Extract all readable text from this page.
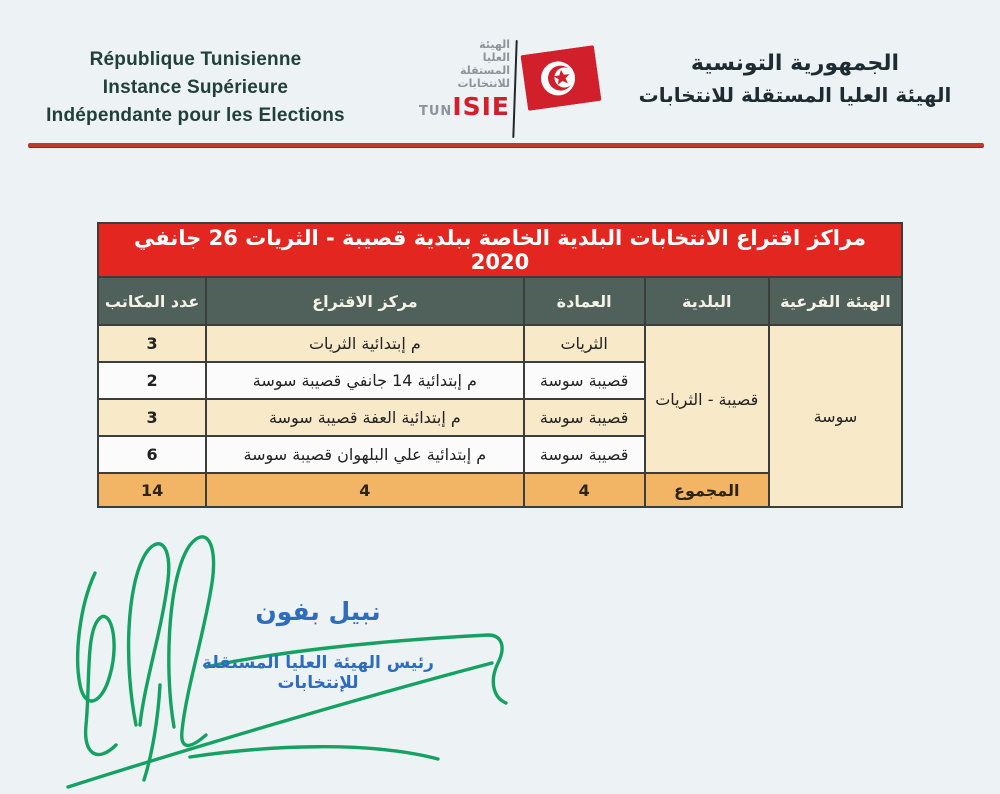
République Tunisienne
Instance Supérieure
Indépendante pour les Elections
الهيئة
العليا
المستقلة
للانتخابات
TUNISIE
الجمهورية التونسية
الهيئة العليا المستقلة للانتخابات
مراكز اقتراع الانتخابات البلدية الخاصة ببلدية قصيبة - الثريات 26 جانفي 2020				
الهيئة الفرعية	البلدية	العمادة	مركز الاقتراع	عدد المكاتب
سوسة	قصيبة - الثريات	الثريات	م إبتدائية الثريات	3
		قصيبة سوسة	م إبتدائية 14 جانفي قصيبة سوسة	2
		قصيبة سوسة	م إبتدائية العفة قصيبة سوسة	3
		قصيبة سوسة	م إبتدائية علي البلهوان قصيبة سوسة	6
	المجموع	4	4	14
نبيل بفون
رئيس الهيئة العليا المستقلة للإنتخابات
